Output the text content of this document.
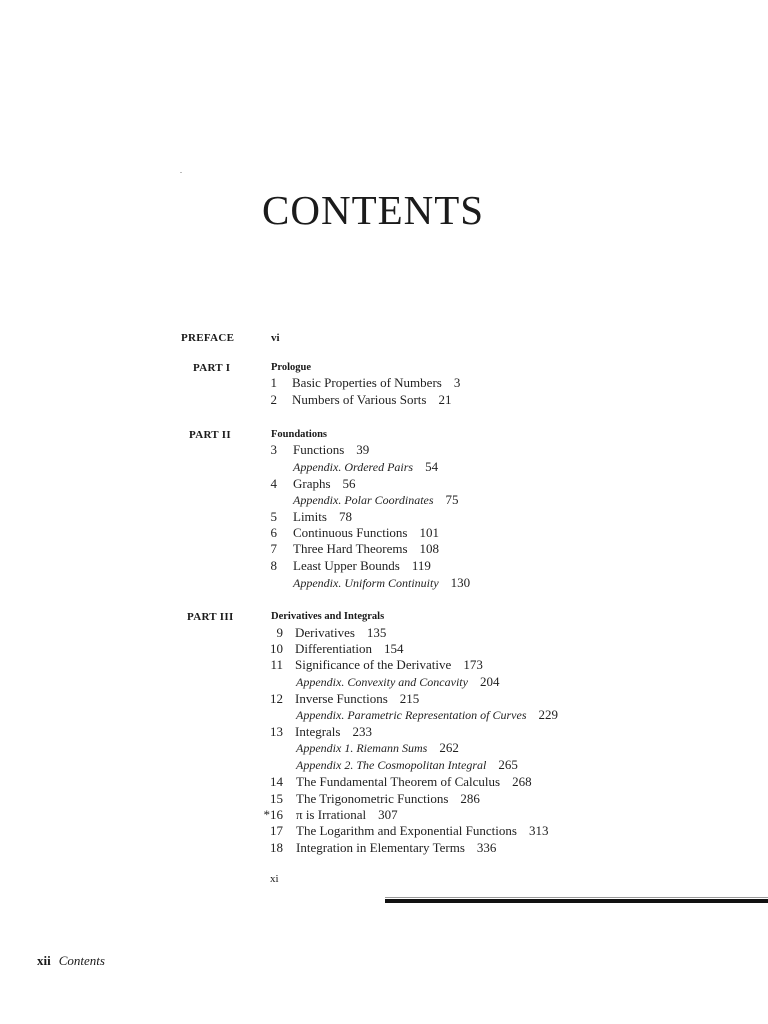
CONTENTS
PREFACE	vi
PART I	Prologue
1 Basic Properties of Numbers 3
2 Numbers of Various Sorts 21
PART II	Foundations
3 Functions 39
Appendix. Ordered Pairs 54
4 Graphs 56
Appendix. Polar Coordinates 75
5 Limits 78
6 Continuous Functions 101
7 Three Hard Theorems 108
8 Least Upper Bounds 119
Appendix. Uniform Continuity 130
PART III	Derivatives and Integrals
9 Derivatives 135
10 Differentiation 154
11 Significance of the Derivative 173
Appendix. Convexity and Concavity 204
12 Inverse Functions 215
Appendix. Parametric Representation of Curves 229
13 Integrals 233
Appendix 1. Riemann Sums 262
Appendix 2. The Cosmopolitan Integral 265
14 The Fundamental Theorem of Calculus 268
15 The Trigonometric Functions 286
*16 π is Irrational 307
17 The Logarithm and Exponential Functions 313
18 Integration in Elementary Terms 336
xi
xii Contents
